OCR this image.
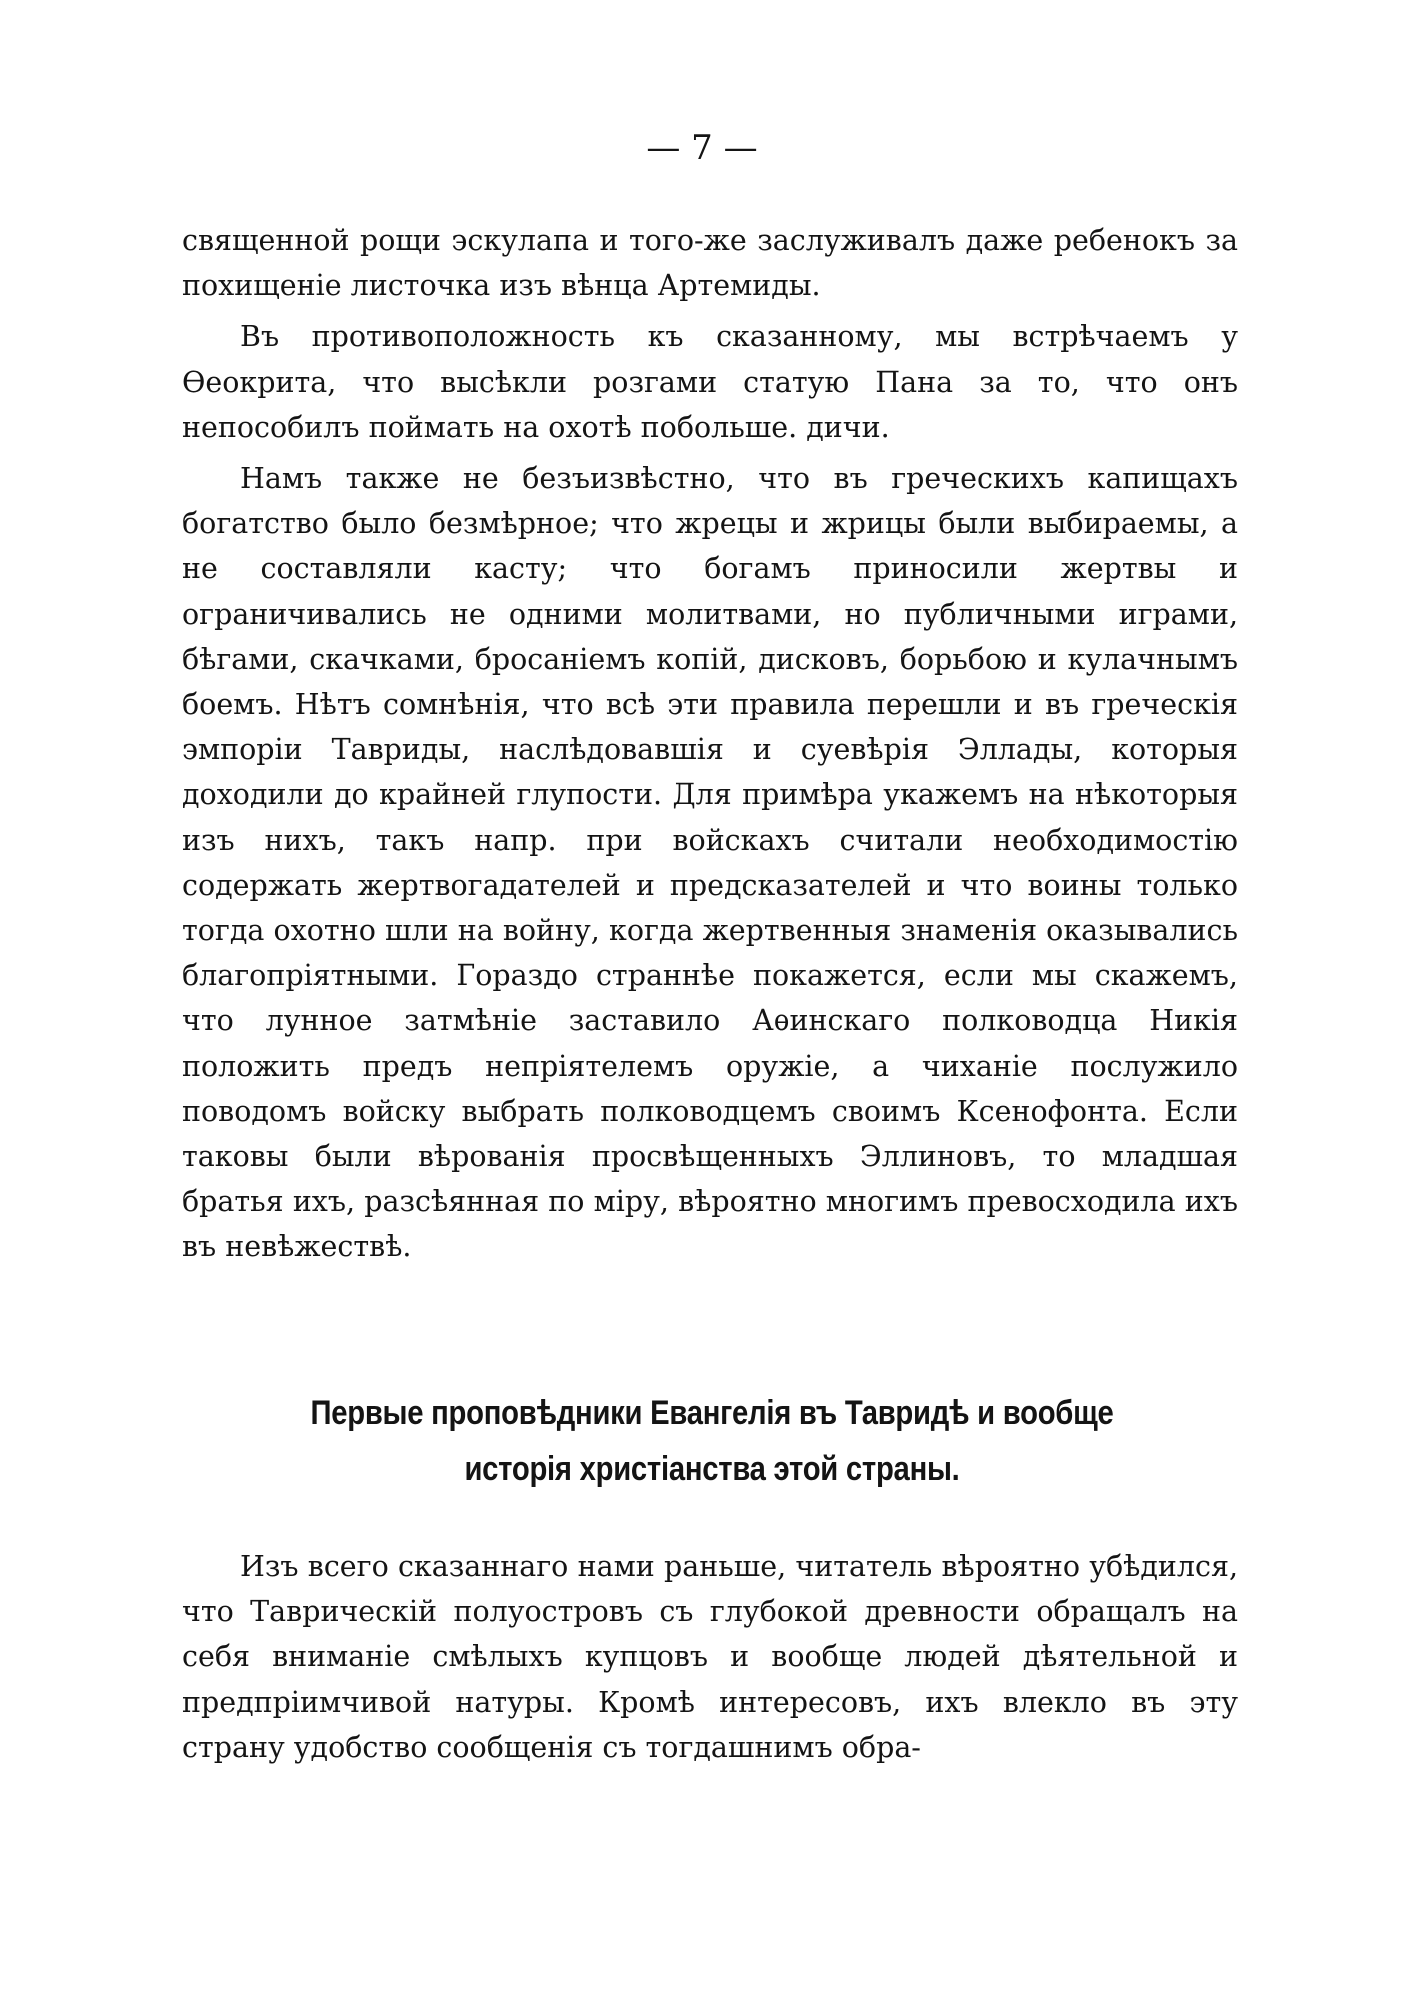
— 7 —

священной рощи эскулапа и того-же заслуживалъ даже ребенокъ за похищеніе листочка изъ вѣнца Артемиды.

Въ противоположность къ сказанному, мы встрѣчаемъ у Ѳеокрита, что высѣкли розгами статую Пана за то, что онъ непособилъ поймать на охотѣ побольше. дичи.

Намъ также не безъизвѣстно, что въ греческихъ капищахъ богатство было безмѣрное; что жрецы и жрицы были выбираемы, а не составляли касту; что богамъ приносили жертвы и ограничивались не одними молитвами, но публичными играми, бѣгами, скачками, бросаніемъ копій, дисковъ, борьбою и кулачнымъ боемъ. Нѣтъ сомнѣнія, что всѣ эти правила перешли и въ греческія эмпоріи Тавриды, наслѣдовавшія и суевѣрія Эллады, которыя доходили до крайней глупости. Для примѣра укажемъ на нѣкоторыя изъ нихъ, такъ напр. при войскахъ считали необходимостію содержать жертвогадателей и предсказателей и что воины только тогда охотно шли на войну, когда жертвенныя знаменія оказывались благопріятными. Гораздо страннѣе покажется, если мы скажемъ, что лунное затмѣніе заставило Аѳинскаго полководца Никія положить предъ непріятелемъ оружіе, а чиханіе послужило поводомъ войску выбрать полководцемъ своимъ Ксенофонта. Если таковы были вѣрованія просвѣщенныхъ Эллиновъ, то младшая братья ихъ, разсѣянная по міру, вѣроятно многимъ превосходила ихъ въ невѣжествѣ.

Первые проповѣдники Евангелія въ Тавридѣ и вообще исторія христіанства этой страны.

Изъ всего сказаннаго нами раньше, читатель вѣроятно убѣдился, что Таврическій полуостровъ съ глубокой древности обращалъ на себя вниманіе смѣлыхъ купцовъ и вообще людей дѣятельной и предпріимчивой натуры. Кромѣ интересовъ, ихъ влекло въ эту страну удобство сообщенія съ тогдашнимъ обра-
